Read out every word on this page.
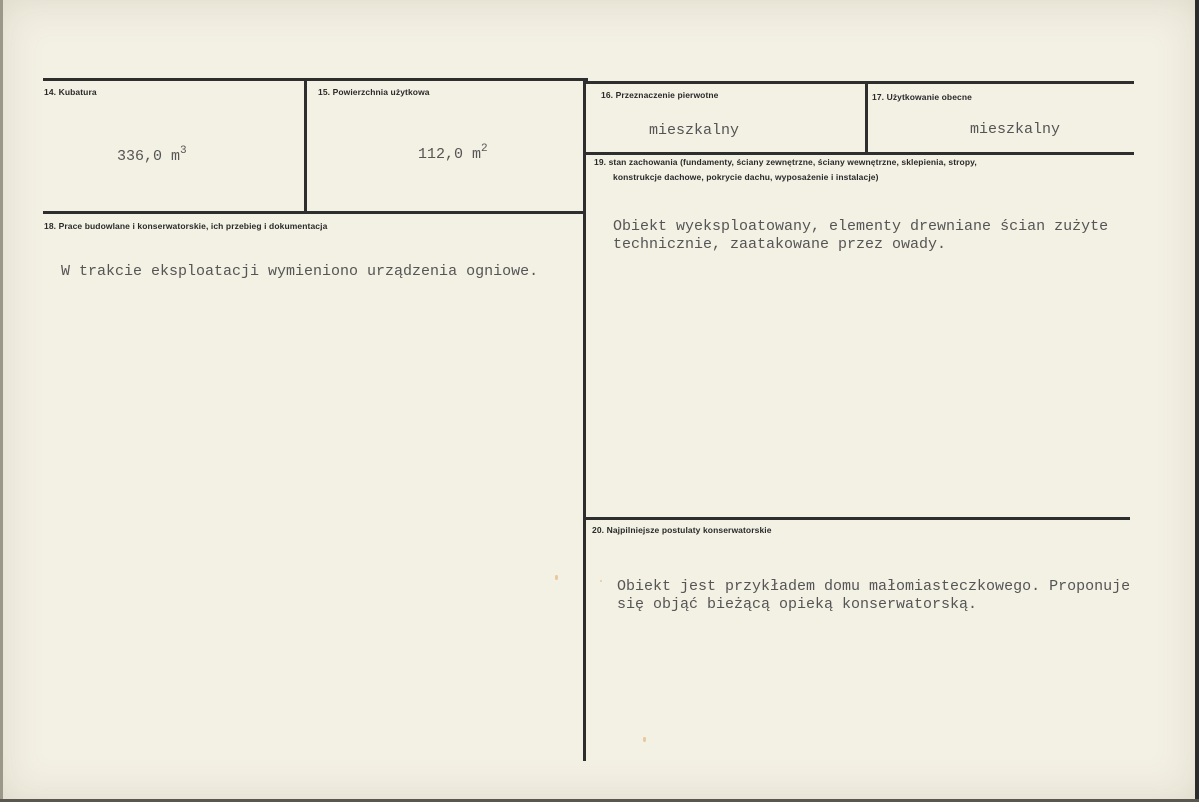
14. Kubatura
336,0 $m^3$
15. Powierzchnia użytkowa
112,0 $m^2$
16. Przeznaczenie pierwotne
mieszkalny
17. Użytkowanie obecne
mieszkalny
18. Prace budowlane i konserwatorskie, ich przebieg i dokumentacja
W trakcie eksploatacji wymieniono urządzenia ogniowe.
19. stan zachowania (fundamenty, ściany zewnętrzne, ściany wewnętrzne, sklepienia, stropy,
konstrukcje dachowe, pokrycie dachu, wyposażenie i instalacje)
Obiekt wyeksploatowany, elementy drewniane ścian zużyte
technicznie, zaatakowane przez owady.
20. Najpilniejsze postulaty konserwatorskie
Obiekt jest przykładem domu małomiasteczkowego. Proponuje
się objąć bieżącą opieką konserwatorską.
